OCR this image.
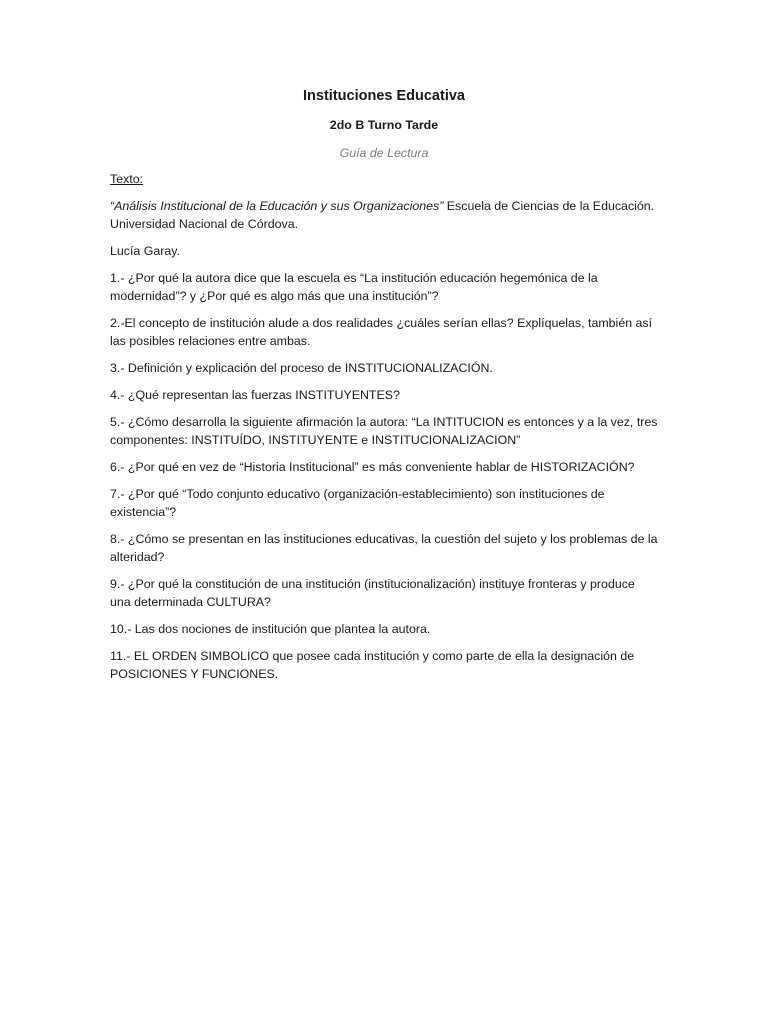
Instituciones Educativa
2do B Turno Tarde
Guía de Lectura
Texto:

“Análisis Institucional de la Educación y sus Organizaciones” Escuela de Ciencias de la Educación. Universidad Nacional de Córdova.

Lucía Garay.

1.- ¿Por qué la autora dice que la escuela es “La institución educación hegemónica de la modernidad”? y ¿Por qué es algo más que una institución”?

2.-El concepto de institución alude a dos realidades ¿cuáles serían ellas? Explíquelas, también así las posibles relaciones entre ambas.

3.- Definición y explicación del proceso de INSTITUCIONALIZACIÓN.

4.- ¿Qué representan las fuerzas INSTITUYENTES?

5.- ¿Cómo desarrolla la siguiente afirmación la autora: “La INTITUCION es entonces y a la vez, tres componentes: INSTITUÍDO, INSTITUYENTE e INSTITUCIONALIZACION”

6.- ¿Por qué en vez de “Historia Institucional” es más conveniente hablar de HISTORIZACIÓN?

7.- ¿Por qué “Todo conjunto educativo (organización-establecimiento) son instituciones de existencia”?

8.- ¿Cómo se presentan en las instituciones educativas, la cuestión del sujeto y los problemas de la alteridad?

9.- ¿Por qué la constitución de una institución (institucionalización) instituye fronteras y produce una determinada CULTURA?

10.- Las dos nociones de institución que plantea la autora.

11.- EL ORDEN SIMBOLICO que posee cada institución y como parte de ella la designación de POSICIONES Y FUNCIONES.
